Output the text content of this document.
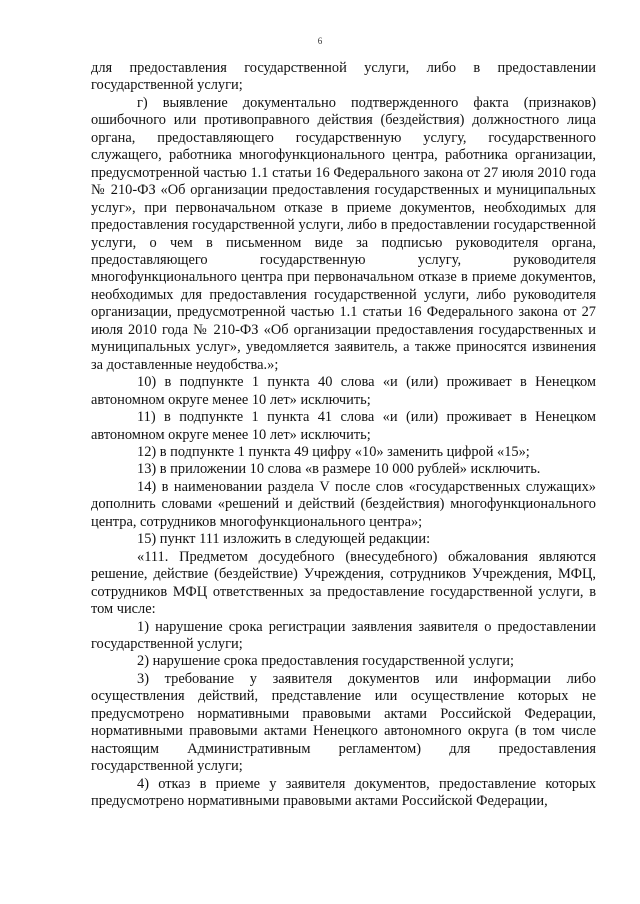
6

для предоставления государственной услуги, либо в предоставлении государственной услуги;

г) выявление документально подтвержденного факта (признаков) ошибочного или противоправного действия (бездействия) должностного лица органа, предоставляющего государственную услугу, государственного служащего, работника многофункционального центра, работника организации, предусмотренной частью 1.1 статьи 16 Федерального закона от 27 июля 2010 года № 210-ФЗ «Об организации предоставления государственных и муниципальных услуг», при первоначальном отказе в приеме документов, необходимых для предоставления государственной услуги, либо в предоставлении государственной услуги, о чем в письменном виде за подписью руководителя органа, предоставляющего государственную услугу, руководителя многофункционального центра при первоначальном отказе в приеме документов, необходимых для предоставления государственной услуги, либо руководителя организации, предусмотренной частью 1.1 статьи 16 Федерального закона от 27 июля 2010 года № 210-ФЗ «Об организации предоставления государственных и муниципальных услуг», уведомляется заявитель, а также приносятся извинения за доставленные неудобства.»;

10) в подпункте 1 пункта 40 слова «и (или) проживает в Ненецком автономном округе менее 10 лет» исключить;

11) в подпункте 1 пункта 41 слова «и (или) проживает в Ненецком автономном округе менее 10 лет» исключить;

12) в подпункте 1 пункта 49 цифру «10» заменить цифрой «15»;

13) в приложении 10 слова «в размере 10 000 рублей» исключить.

14) в наименовании раздела V после слов «государственных служащих» дополнить словами «решений и действий (бездействия) многофункционального центра, сотрудников многофункционального центра»;

15) пункт 111 изложить в следующей редакции:

«111. Предметом досудебного (внесудебного) обжалования являются решение, действие (бездействие) Учреждения, сотрудников Учреждения, МФЦ, сотрудников МФЦ ответственных за предоставление государственной услуги, в том числе:

1) нарушение срока регистрации заявления заявителя о предоставлении государственной услуги;

2) нарушение срока предоставления государственной услуги;

3) требование у заявителя документов или информации либо осуществления действий, представление или осуществление которых не предусмотрено нормативными правовыми актами Российской Федерации, нормативными правовыми актами Ненецкого автономного округа (в том числе настоящим Административным регламентом) для предоставления государственной услуги;

4) отказ в приеме у заявителя документов, предоставление которых предусмотрено нормативными правовыми актами Российской Федерации,
